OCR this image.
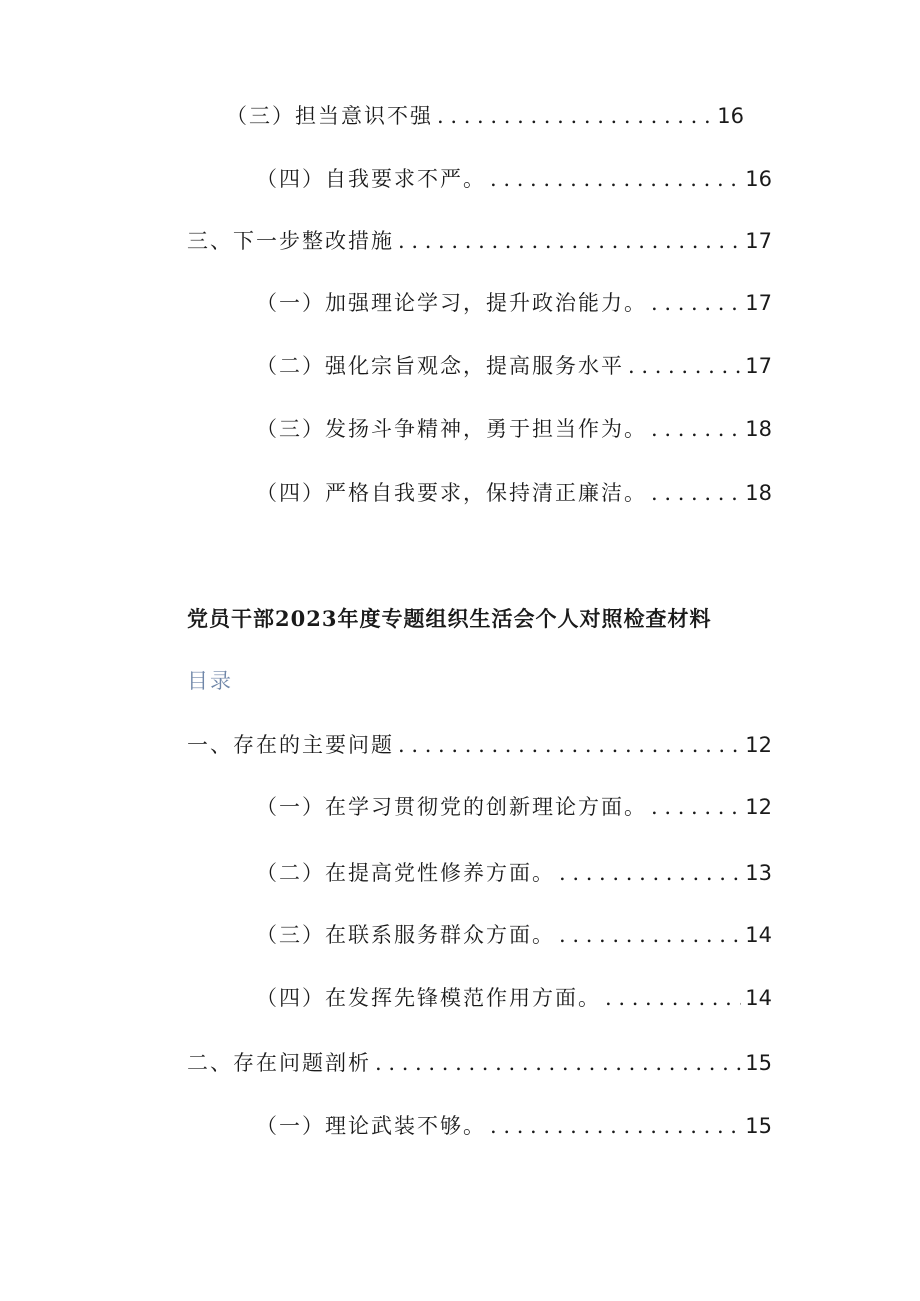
（三）担当意识不强 . . .	16
（四）自我要求不严。 . . .	16
三、下一步整改措施 . . .	17
（一）加强理论学习，提升政治能力。 . . .	17
（二）强化宗旨观念，提高服务水平 . . .	17
（三）发扬斗争精神，勇于担当作为。 . . .	18
（四）严格自我要求，保持清正廉洁。 . . .	18
党员干部2023年度专题组织生活会个人对照检查材料
目录
一、存在的主要问题 . . .	12
（一）在学习贯彻党的创新理论方面。 . . .	12
（二）在提高党性修养方面。 . . .	13
（三）在联系服务群众方面。 . . .	14
（四）在发挥先锋模范作用方面。 . . .	14
二、存在问题剖析 . . .	15
（一）理论武装不够。 . . .	15
